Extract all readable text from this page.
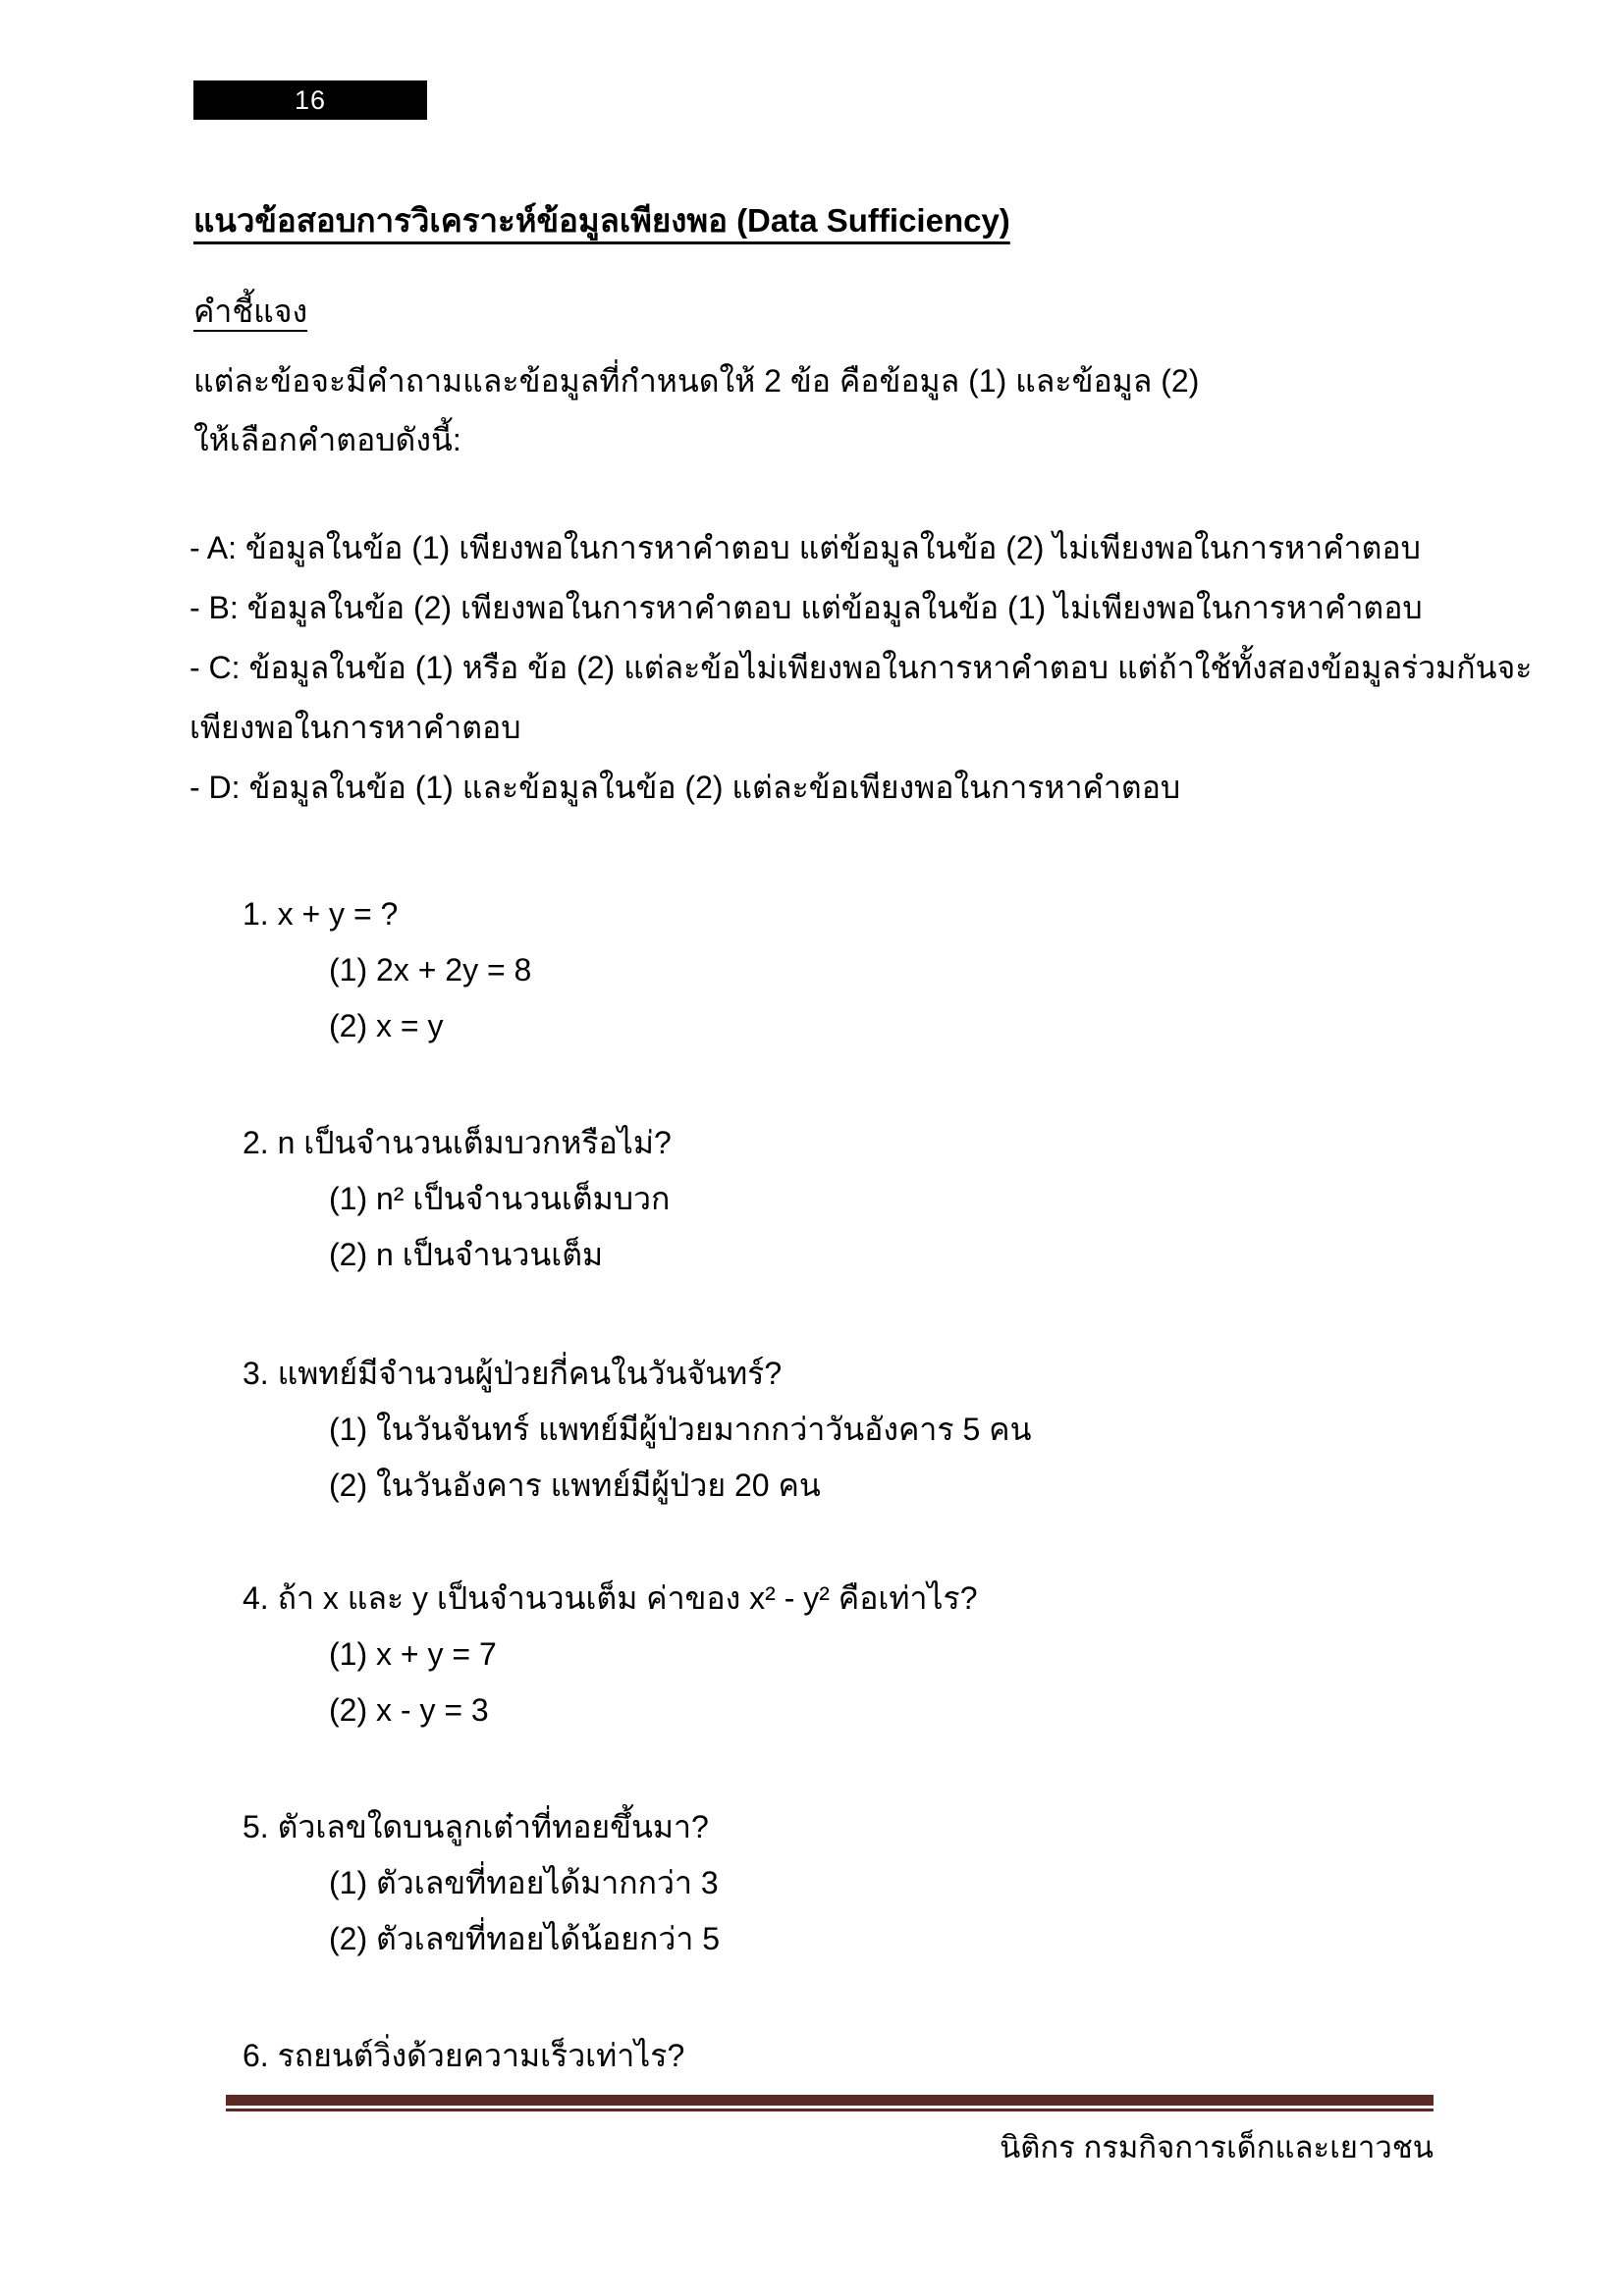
16
แนวข้อสอบการวิเคราะห์ข้อมูลเพียงพอ (Data Sufficiency)
คำชี้แจง
แต่ละข้อจะมีคำถามและข้อมูลที่กำหนดให้ 2 ข้อ คือข้อมูล (1) และข้อมูล (2)
ให้เลือกคำตอบดังนี้:
- A: ข้อมูลในข้อ (1) เพียงพอในการหาคำตอบ แต่ข้อมูลในข้อ (2) ไม่เพียงพอในการหาคำตอบ
- B: ข้อมูลในข้อ (2) เพียงพอในการหาคำตอบ แต่ข้อมูลในข้อ (1) ไม่เพียงพอในการหาคำตอบ
- C: ข้อมูลในข้อ (1) หรือ ข้อ (2) แต่ละข้อไม่เพียงพอในการหาคำตอบ แต่ถ้าใช้ทั้งสองข้อมูลร่วมกันจะ
เพียงพอในการหาคำตอบ
- D: ข้อมูลในข้อ (1) และข้อมูลในข้อ (2) แต่ละข้อเพียงพอในการหาคำตอบ
1. x + y = ?
(1) 2x + 2y = 8
(2) x = y
2. n เป็นจำนวนเต็มบวกหรือไม่?
(1) n² เป็นจำนวนเต็มบวก
(2) n เป็นจำนวนเต็ม
3. แพทย์มีจำนวนผู้ป่วยกี่คนในวันจันทร์?
(1) ในวันจันทร์ แพทย์มีผู้ป่วยมากกว่าวันอังคาร 5 คน
(2) ในวันอังคาร แพทย์มีผู้ป่วย 20 คน
4. ถ้า x และ y เป็นจำนวนเต็ม ค่าของ x² - y² คือเท่าไร?
(1) x + y = 7
(2) x - y = 3
5. ตัวเลขใดบนลูกเต๋าที่ทอยขึ้นมา?
(1) ตัวเลขที่ทอยได้มากกว่า 3
(2) ตัวเลขที่ทอยได้น้อยกว่า 5
6. รถยนต์วิ่งด้วยความเร็วเท่าไร?
นิติกร กรมกิจการเด็กและเยาวชน
